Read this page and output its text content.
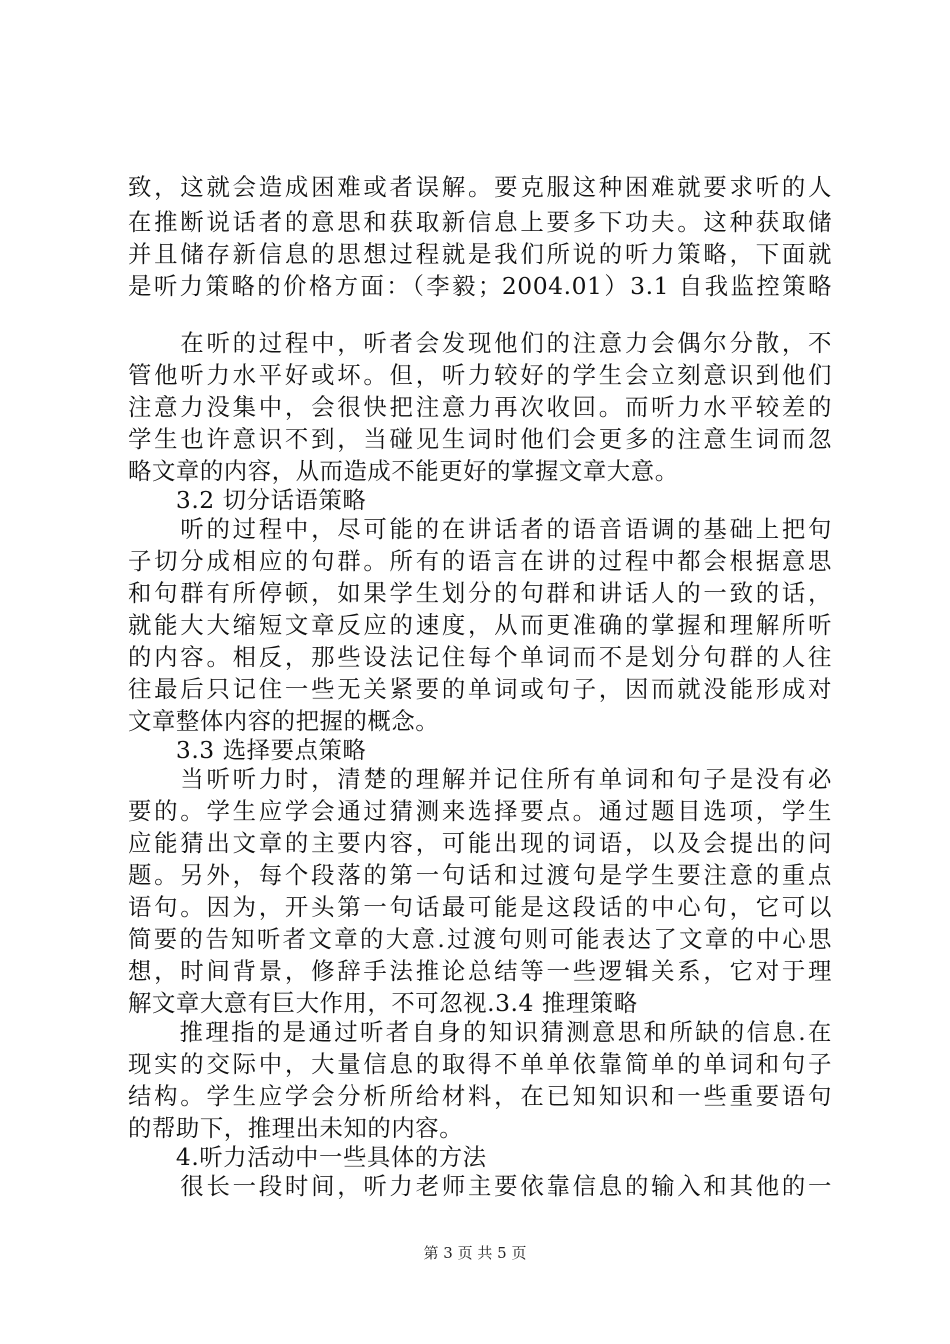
致，这就会造成困难或者误解。要克服这种困难就要求听的人
在推断说话者的意思和获取新信息上要多下功夫。这种获取储
并且储存新信息的思想过程就是我们所说的听力策略，下面就
是听力策略的价格方面：（李毅；2004.01）3.1 自我监控策略
　　在听的过程中，听者会发现他们的注意力会偶尔分散，不
管他听力水平好或坏。但，听力较好的学生会立刻意识到他们
注意力没集中，会很快把注意力再次收回。而听力水平较差的
学生也许意识不到，当碰见生词时他们会更多的注意生词而忽
略文章的内容，从而造成不能更好的掌握文章大意。
　　3.2 切分话语策略
　　听的过程中，尽可能的在讲话者的语音语调的基础上把句
子切分成相应的句群。所有的语言在讲的过程中都会根据意思
和句群有所停顿，如果学生划分的句群和讲话人的一致的话，
就能大大缩短文章反应的速度，从而更准确的掌握和理解所听
的内容。相反，那些设法记住每个单词而不是划分句群的人往
往最后只记住一些无关紧要的单词或句子，因而就没能形成对
文章整体内容的把握的概念。
　　3.3 选择要点策略
　　当听听力时，清楚的理解并记住所有单词和句子是没有必
要的。学生应学会通过猜测来选择要点。通过题目选项，学生
应能猜出文章的主要内容，可能出现的词语，以及会提出的问
题。另外，每个段落的第一句话和过渡句是学生要注意的重点
语句。因为，开头第一句话最可能是这段话的中心句，它可以
简要的告知听者文章的大意.过渡句则可能表达了文章的中心思
想，时间背景，修辞手法推论总结等一些逻辑关系，它对于理
解文章大意有巨大作用，不可忽视.3.4 推理策略
　　推理指的是通过听者自身的知识猜测意思和所缺的信息.在
现实的交际中，大量信息的取得不单单依靠简单的单词和句子
结构。学生应学会分析所给材料，在已知知识和一些重要语句
的帮助下，推理出未知的内容。
　　4.听力活动中一些具体的方法
　　很长一段时间，听力老师主要依靠信息的输入和其他的一
第 3 页 共 5 页
